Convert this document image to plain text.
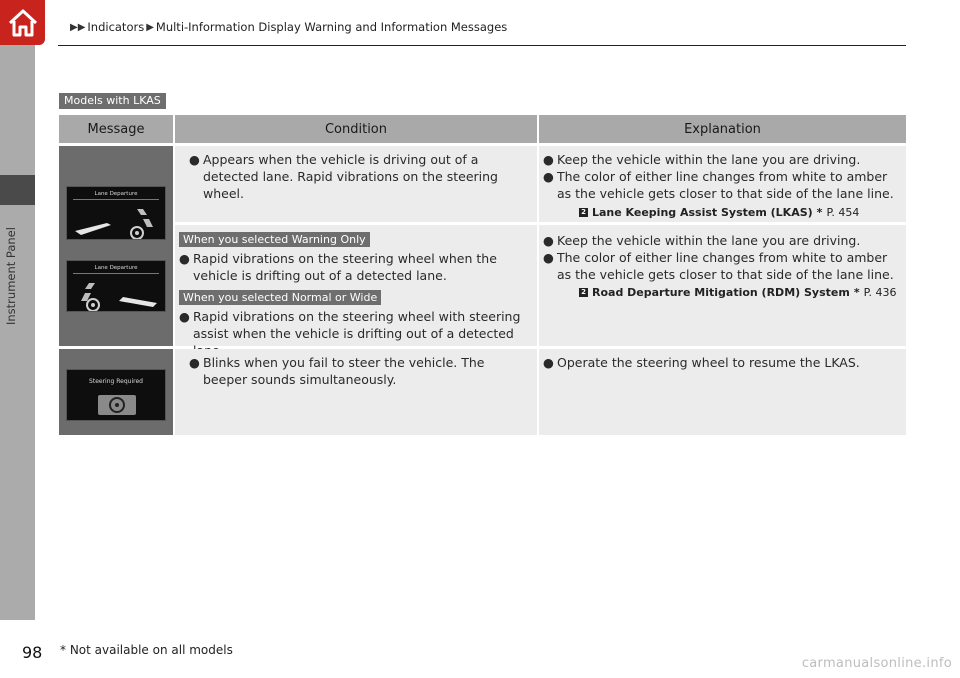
Instrument Panel
▶▶ Indicators ▶ Multi-Information Display Warning and Information Messages
Models with LKAS
Message	Condition	Explanation
Lane Departure
Lane Departure
Steering Required
● Appears when the vehicle is driving out of a detected lane. Rapid vibrations on the steering wheel.
● Keep the vehicle within the lane you are driving.
● The color of either line changes from white to amber as the vehicle gets closer to that side of the lane line.
2 Lane Keeping Assist System (LKAS) * P. 454
When you selected Warning Only
● Rapid vibrations on the steering wheel when the vehicle is drifting out of a detected lane.
When you selected Normal or Wide
● Rapid vibrations on the steering wheel with steering assist when the vehicle is drifting out of a detected
● Keep the vehicle within the lane you are driving.
● The color of either line changes from white to amber as the vehicle gets closer to that side of the lane line.
2 Road Departure Mitigation (RDM) System * P. 436
● Blinks when you fail to steer the vehicle. The beeper sounds simultaneously.
● Operate the steering wheel to resume the LKAS.
98 * Not available on all models
carmanualsonline.info
